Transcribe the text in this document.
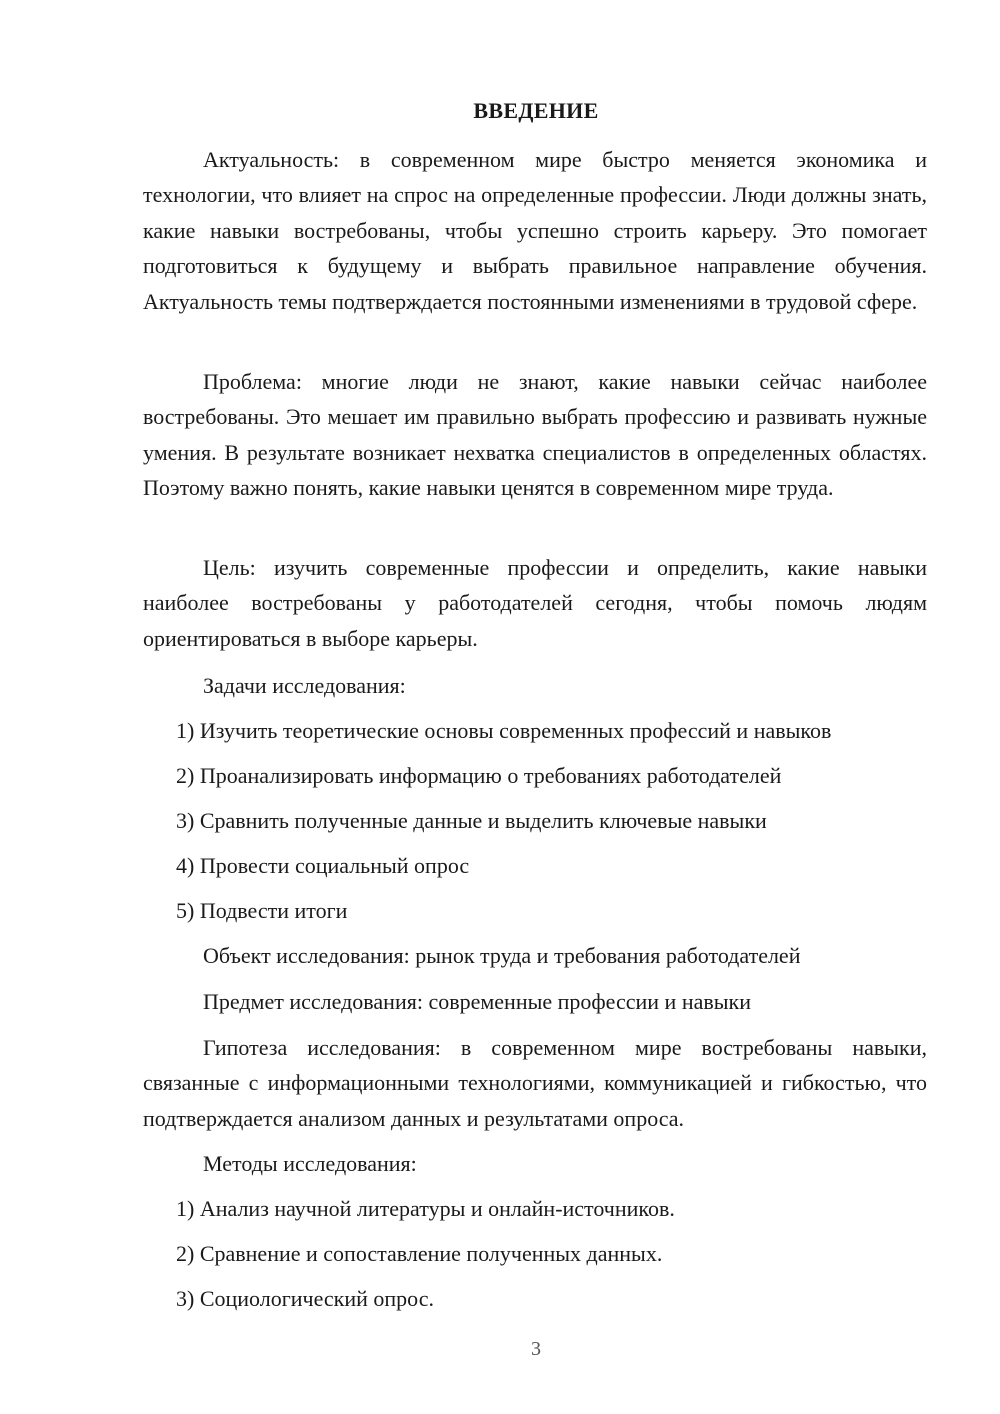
ВВЕДЕНИЕ

Актуальность: в современном мире быстро меняется экономика и технологии, что влияет на спрос на определенные профессии. Люди должны знать, какие навыки востребованы, чтобы успешно строить карьеру. Это помогает подготовиться к будущему и выбрать правильное направление обучения. Актуальность темы подтверждается постоянными изменениями в трудовой сфере.

Проблема: многие люди не знают, какие навыки сейчас наиболее востребованы. Это мешает им правильно выбрать профессию и развивать нужные умения. В результате возникает нехватка специалистов в определенных областях. Поэтому важно понять, какие навыки ценятся в современном мире труда.

Цель: изучить современные профессии и определить, какие навыки наиболее востребованы у работодателей сегодня, чтобы помочь людям ориентироваться в выборе карьеры.

Задачи исследования:
1) Изучить теоретические основы современных профессий и навыков
2) Проанализировать информацию о требованиях работодателей
3) Сравнить полученные данные и выделить ключевые навыки
4) Провести социальный опрос
5) Подвести итоги
Объект исследования: рынок труда и требования работодателей
Предмет исследования: современные профессии и навыки

Гипотеза исследования: в современном мире востребованы навыки, связанные с информационными технологиями, коммуникацией и гибкостью, что подтверждается анализом данных и результатами опроса.

Методы исследования:
1) Анализ научной литературы и онлайн-источников.
2) Сравнение и сопоставление полученных данных.
3) Социологический опрос.
3
